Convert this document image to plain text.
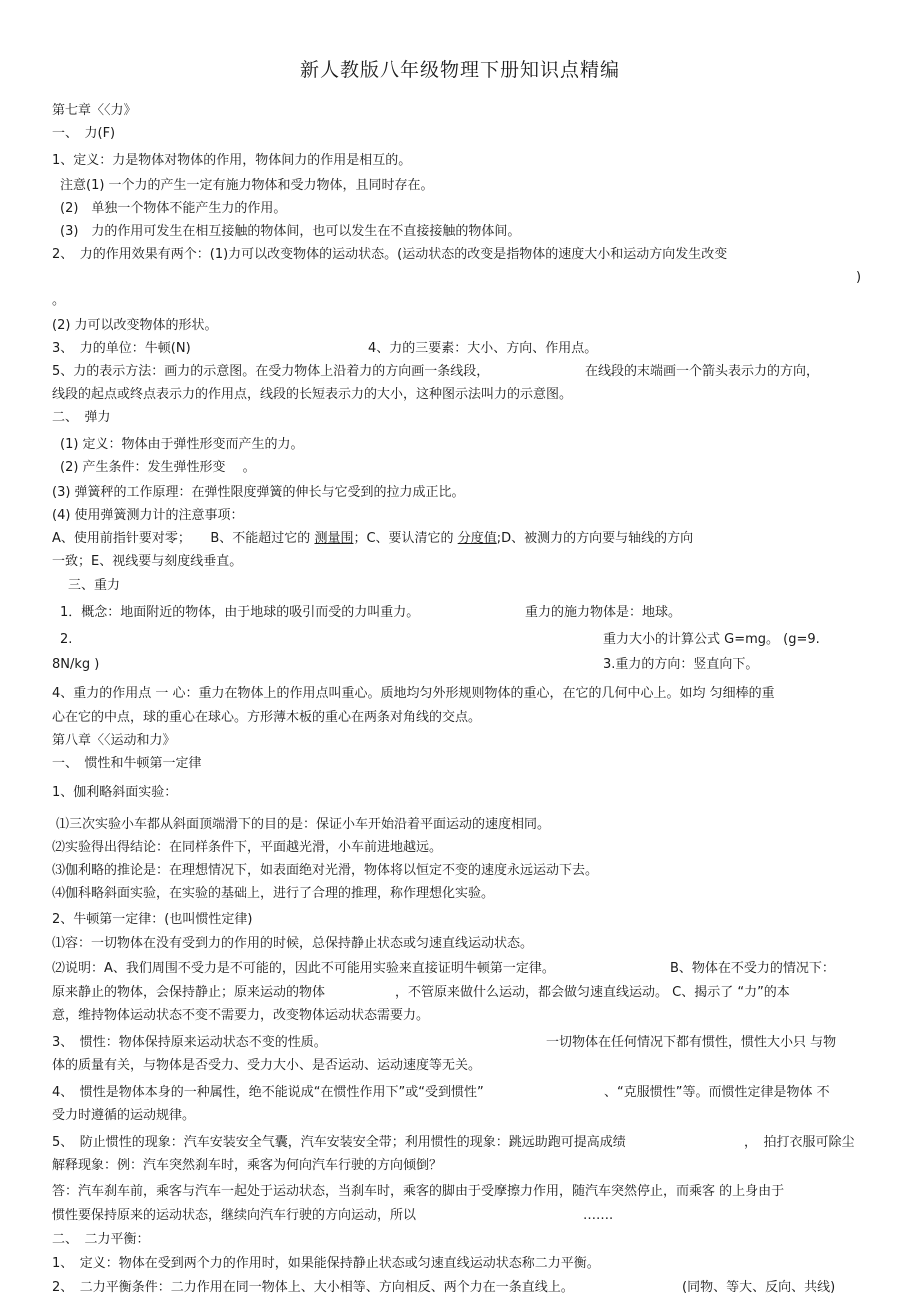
新人教版八年级物理下册知识点精编
第七章〈〈力》
一、　力(F)
1、定义：力是物体对物体的作用，物体间力的作用是相互的。
注意(1) 一个力的产生一定有施力物体和受力物体，且同时存在。
(2)　单独一个物体不能产生力的作用。
(3)　力的作用可发生在相互接触的物体间，也可以发生在不直接接触的物体间。
2、　力的作用效果有两个：(1)力可以改变物体的运动状态。(运动状态的改变是指物体的速度大小和运动方向发生改变
)
。
(2) 力可以改变物体的形状。
3、　力的单位：牛顿(N)	4、力的三要素：大小、方向、作用点。
5、力的表示方法：画力的示意图。在受力物体上沿着力的方向画一条线段，	在线段的末端画一个箭头表示力的方向，
线段的起点或终点表示力的作用点，线段的长短表示力的大小，这种图示法叫力的示意图。
二、　弹力
(1) 定义：物体由于弹性形变而产生的力。
(2) 产生条件：发生弹性形变　 。
(3) 弹簧秤的工作原理：在弹性限度弹簧的伸长与它受到的拉力成正比。
(4) 使用弹簧测力计的注意事项：
A、使用前指针要对零；　　B、不能超过它的 测量围；C、要认清它的 分度值;D、被测力的方向要与轴线的方向
一致；E、视线要与刻度线垂直。
三、重力
1．概念：地面附近的物体，由于地球的吸引而受的力叫重力。	重力的施力物体是：地球。
2.	重力大小的计算公式 G=mg。 (g=9.
8N/kg )	3.重力的方向：竖直向下。
4、重力的作用点 一 心：重力在物体上的作用点叫重心。质地均匀外形规则物体的重心，在它的几何中心上。如均 匀细棒的重
心在它的中点，球的重心在球心。方形薄木板的重心在两条对角线的交点。
第八章〈〈运动和力》
一、　惯性和牛顿第一定律
1、伽利略斜面实验：
⑴三次实验小车都从斜面顶端滑下的目的是：保证小车开始沿着平面运动的速度相同。
⑵实验得出得结论：在同样条件下，平面越光滑，小车前进地越远。
⑶伽利略的推论是：在理想情况下，如表面绝对光滑，物体将以恒定不变的速度永远运动下去。
⑷伽科略斜面实验，在实验的基础上，进行了合理的推理，称作理想化实验。
2、牛顿第一定律：(也叫惯性定律)
⑴容：一切物体在没有受到力的作用的时候，总保持静止状态或匀速直线运动状态。
⑵说明：A、我们周围不受力是不可能的，因此不可能用实验来直接证明牛顿第一定律。	B、物体在不受力的情况下：
原来静止的物体，会保持静止；原来运动的物体	，不管原来做什么运动，都会做匀速直线运动。 C、揭示了 “力”的本
意，维持物体运动状态不变不需要力，改变物体运动状态需要力。
3、　惯性：物体保持原来运动状态不变的性质。	一切物体在任何情况下都有惯性，惯性大小只 与物
体的质量有关，与物体是否受力、受力大小、是否运动、运动速度等无关。
4、　惯性是物体本身的一种属性，绝不能说成“在惯性作用下”或“受到惯性”	、“克服惯性”等。而惯性定律是物体 不
受力时遵循的运动规律。
5、　防止惯性的现象：汽车安装安全气囊，汽车安装安全带；利用惯性的现象：跳远助跑可提高成绩	，　拍打衣服可除尘
解释现象：例：汽车突然刹车时，乘客为何向汽车行驶的方向倾倒？
答：汽车刹车前，乘客与汽车一起处于运动状态，当刹车时，乘客的脚由于受摩擦力作用，随汽车突然停止，而乘客 的上身由于
惯性要保持原来的运动状态，继续向汽车行驶的方向运动，所以	…….
二、　二力平衡：
1、　定义：物体在受到两个力的作用时，如果能保持静止状态或匀速直线运动状态称二力平衡。
2、　二力平衡条件：二力作用在同一物体上、大小相等、方向相反、两个力在一条直线上。	(同物、等大、反向、共线)
